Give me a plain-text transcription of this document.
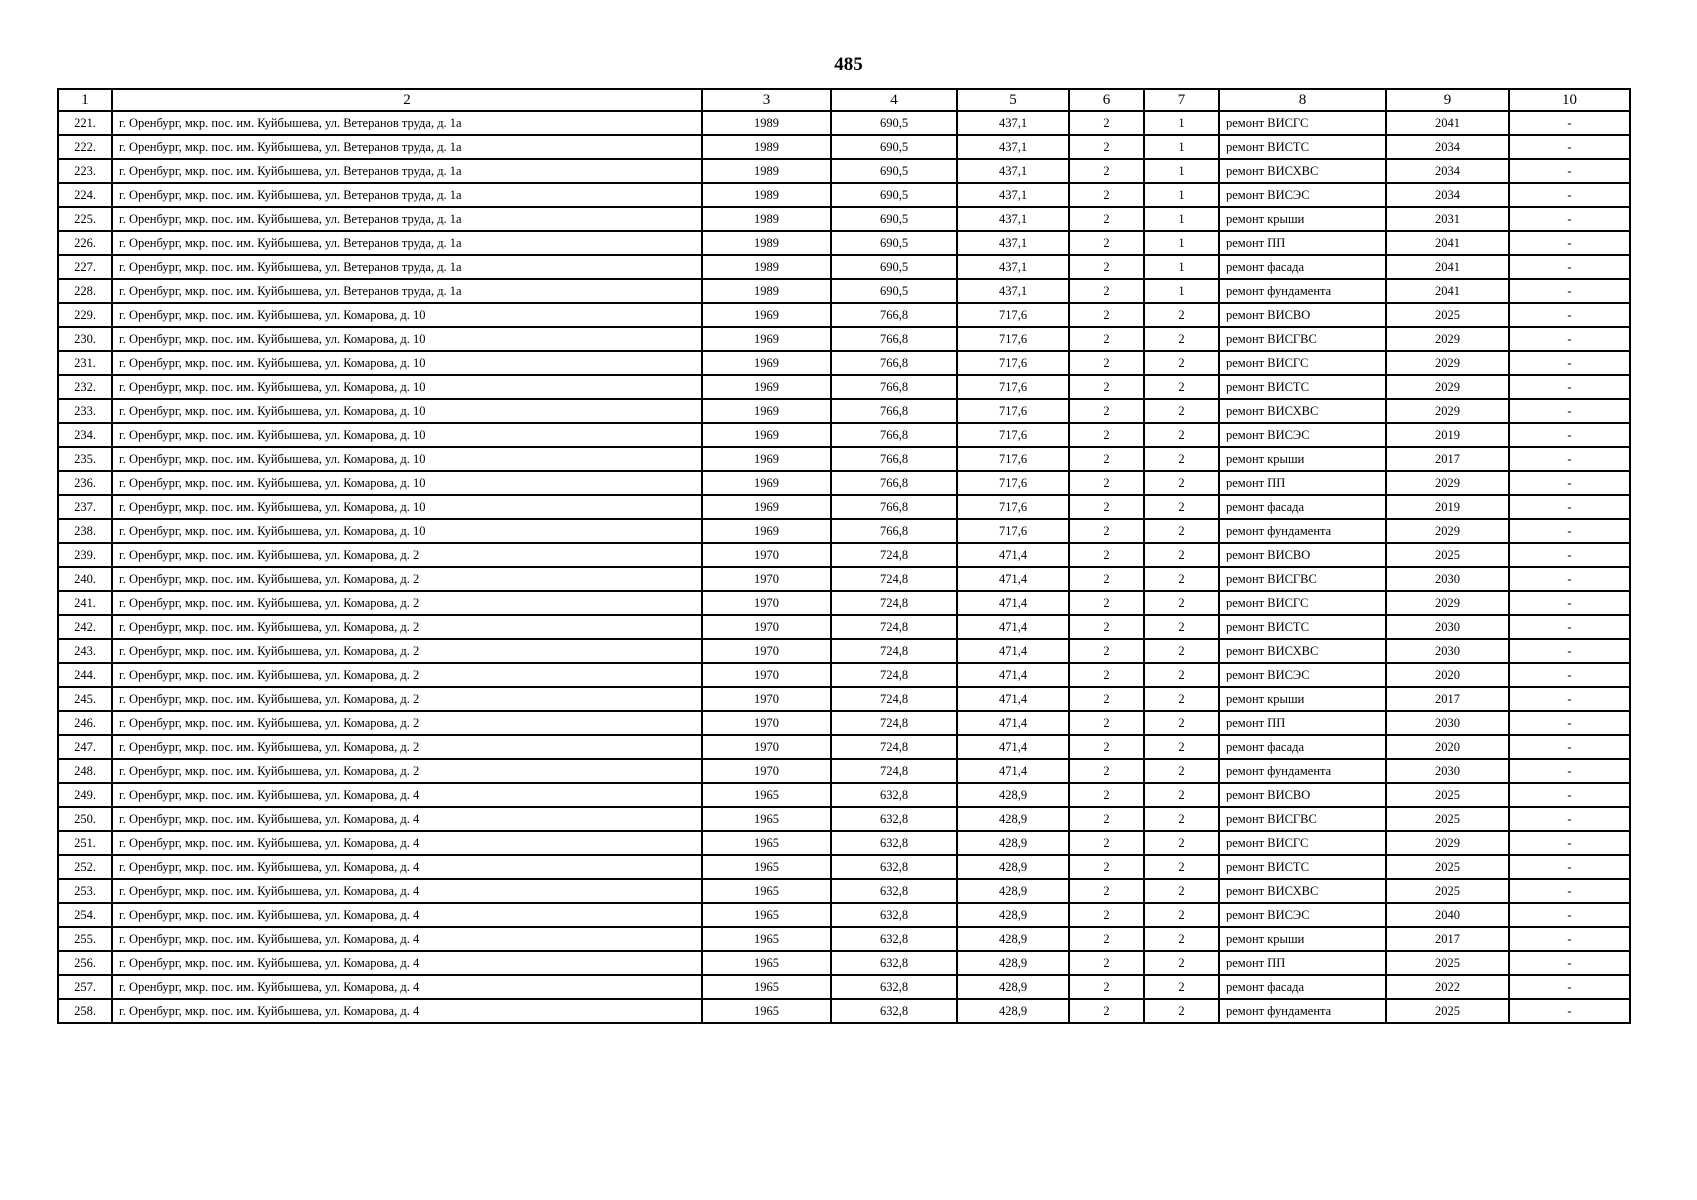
485
1	2	3	4	5	6	7	8	9	10
221.	г. Оренбург, мкр. пос. им. Куйбышева, ул. Ветеранов труда, д. 1а	1989	690,5	437,1	2	1	ремонт ВИСГС	2041	-
222.	г. Оренбург, мкр. пос. им. Куйбышева, ул. Ветеранов труда, д. 1а	1989	690,5	437,1	2	1	ремонт ВИСТС	2034	-
223.	г. Оренбург, мкр. пос. им. Куйбышева, ул. Ветеранов труда, д. 1а	1989	690,5	437,1	2	1	ремонт ВИСХВС	2034	-
224.	г. Оренбург, мкр. пос. им. Куйбышева, ул. Ветеранов труда, д. 1а	1989	690,5	437,1	2	1	ремонт ВИСЭС	2034	-
225.	г. Оренбург, мкр. пос. им. Куйбышева, ул. Ветеранов труда, д. 1а	1989	690,5	437,1	2	1	ремонт крыши	2031	-
226.	г. Оренбург, мкр. пос. им. Куйбышева, ул. Ветеранов труда, д. 1а	1989	690,5	437,1	2	1	ремонт ПП	2041	-
227.	г. Оренбург, мкр. пос. им. Куйбышева, ул. Ветеранов труда, д. 1а	1989	690,5	437,1	2	1	ремонт фасада	2041	-
228.	г. Оренбург, мкр. пос. им. Куйбышева, ул. Ветеранов труда, д. 1а	1989	690,5	437,1	2	1	ремонт фундамента	2041	-
229.	г. Оренбург, мкр. пос. им. Куйбышева, ул. Комарова, д. 10	1969	766,8	717,6	2	2	ремонт ВИСВО	2025	-
230.	г. Оренбург, мкр. пос. им. Куйбышева, ул. Комарова, д. 10	1969	766,8	717,6	2	2	ремонт ВИСГВС	2029	-
231.	г. Оренбург, мкр. пос. им. Куйбышева, ул. Комарова, д. 10	1969	766,8	717,6	2	2	ремонт ВИСГС	2029	-
232.	г. Оренбург, мкр. пос. им. Куйбышева, ул. Комарова, д. 10	1969	766,8	717,6	2	2	ремонт ВИСТС	2029	-
233.	г. Оренбург, мкр. пос. им. Куйбышева, ул. Комарова, д. 10	1969	766,8	717,6	2	2	ремонт ВИСХВС	2029	-
234.	г. Оренбург, мкр. пос. им. Куйбышева, ул. Комарова, д. 10	1969	766,8	717,6	2	2	ремонт ВИСЭС	2019	-
235.	г. Оренбург, мкр. пос. им. Куйбышева, ул. Комарова, д. 10	1969	766,8	717,6	2	2	ремонт крыши	2017	-
236.	г. Оренбург, мкр. пос. им. Куйбышева, ул. Комарова, д. 10	1969	766,8	717,6	2	2	ремонт ПП	2029	-
237.	г. Оренбург, мкр. пос. им. Куйбышева, ул. Комарова, д. 10	1969	766,8	717,6	2	2	ремонт фасада	2019	-
238.	г. Оренбург, мкр. пос. им. Куйбышева, ул. Комарова, д. 10	1969	766,8	717,6	2	2	ремонт фундамента	2029	-
239.	г. Оренбург, мкр. пос. им. Куйбышева, ул. Комарова, д. 2	1970	724,8	471,4	2	2	ремонт ВИСВО	2025	-
240.	г. Оренбург, мкр. пос. им. Куйбышева, ул. Комарова, д. 2	1970	724,8	471,4	2	2	ремонт ВИСГВС	2030	-
241.	г. Оренбург, мкр. пос. им. Куйбышева, ул. Комарова, д. 2	1970	724,8	471,4	2	2	ремонт ВИСГС	2029	-
242.	г. Оренбург, мкр. пос. им. Куйбышева, ул. Комарова, д. 2	1970	724,8	471,4	2	2	ремонт ВИСТС	2030	-
243.	г. Оренбург, мкр. пос. им. Куйбышева, ул. Комарова, д. 2	1970	724,8	471,4	2	2	ремонт ВИСХВС	2030	-
244.	г. Оренбург, мкр. пос. им. Куйбышева, ул. Комарова, д. 2	1970	724,8	471,4	2	2	ремонт ВИСЭС	2020	-
245.	г. Оренбург, мкр. пос. им. Куйбышева, ул. Комарова, д. 2	1970	724,8	471,4	2	2	ремонт крыши	2017	-
246.	г. Оренбург, мкр. пос. им. Куйбышева, ул. Комарова, д. 2	1970	724,8	471,4	2	2	ремонт ПП	2030	-
247.	г. Оренбург, мкр. пос. им. Куйбышева, ул. Комарова, д. 2	1970	724,8	471,4	2	2	ремонт фасада	2020	-
248.	г. Оренбург, мкр. пос. им. Куйбышева, ул. Комарова, д. 2	1970	724,8	471,4	2	2	ремонт фундамента	2030	-
249.	г. Оренбург, мкр. пос. им. Куйбышева, ул. Комарова, д. 4	1965	632,8	428,9	2	2	ремонт ВИСВО	2025	-
250.	г. Оренбург, мкр. пос. им. Куйбышева, ул. Комарова, д. 4	1965	632,8	428,9	2	2	ремонт ВИСГВС	2025	-
251.	г. Оренбург, мкр. пос. им. Куйбышева, ул. Комарова, д. 4	1965	632,8	428,9	2	2	ремонт ВИСГС	2029	-
252.	г. Оренбург, мкр. пос. им. Куйбышева, ул. Комарова, д. 4	1965	632,8	428,9	2	2	ремонт ВИСТС	2025	-
253.	г. Оренбург, мкр. пос. им. Куйбышева, ул. Комарова, д. 4	1965	632,8	428,9	2	2	ремонт ВИСХВС	2025	-
254.	г. Оренбург, мкр. пос. им. Куйбышева, ул. Комарова, д. 4	1965	632,8	428,9	2	2	ремонт ВИСЭС	2040	-
255.	г. Оренбург, мкр. пос. им. Куйбышева, ул. Комарова, д. 4	1965	632,8	428,9	2	2	ремонт крыши	2017	-
256.	г. Оренбург, мкр. пос. им. Куйбышева, ул. Комарова, д. 4	1965	632,8	428,9	2	2	ремонт ПП	2025	-
257.	г. Оренбург, мкр. пос. им. Куйбышева, ул. Комарова, д. 4	1965	632,8	428,9	2	2	ремонт фасада	2022	-
258.	г. Оренбург, мкр. пос. им. Куйбышева, ул. Комарова, д. 4	1965	632,8	428,9	2	2	ремонт фундамента	2025	-
